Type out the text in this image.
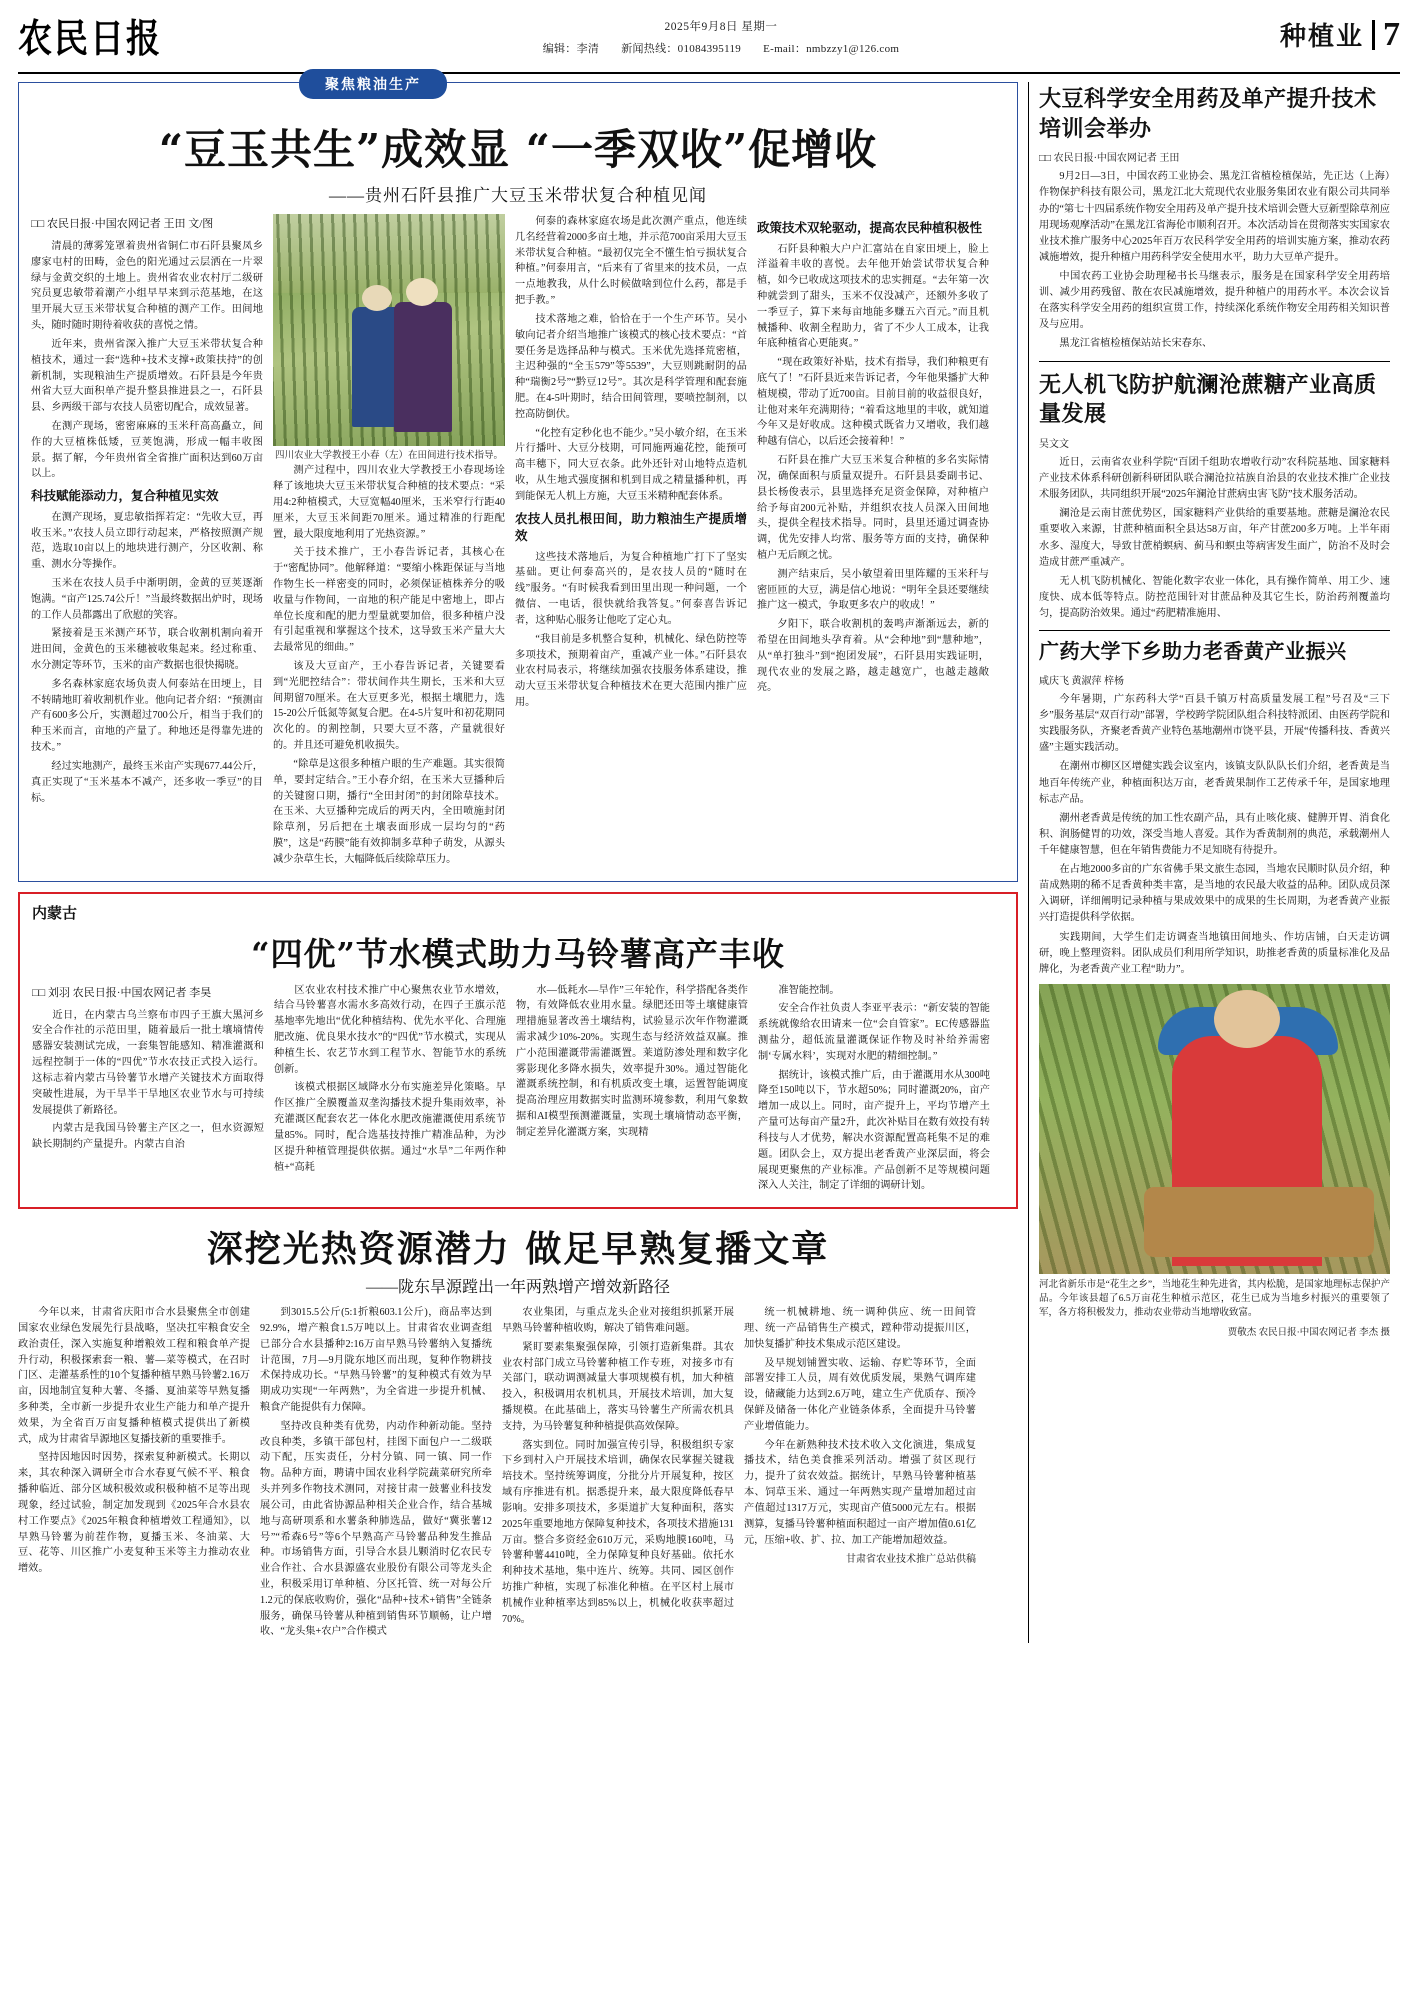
农民日报	2025年9月8日 星期一
编辑：李清 新闻热线：01084395119 E-mail：nmbzzy1@126.com	种植业 7
聚焦粮油生产
“豆玉共生”成效显 “一季双收”促增收
——贵州石阡县推广大豆玉米带状复合种植见闻
□□ 农民日报·中国农网记者 王田 文/图

清晨的薄雾笼罩着贵州省铜仁市石阡县聚凤乡廖家屯村的田畴，金色的阳光通过云层洒在一片翠绿与金黄交织的土地上。贵州省农业农村厅二级研究员夏忠敏带着潮产小组早早来到示范基地，在这里开展大豆玉米带状复合种植的测产工作。田间地头，随时随时期待着收获的喜悦之情。

近年来，贵州省深入推广大豆玉米带状复合种植技术，通过一套“选种+技术支撑+政策扶持”的创新机制，实现粮油生产提质增效。石阡县是今年贵州省大豆大面积单产提升整县推进县之一，石阡县县、乡两级干部与农技人员密切配合，成效显著。

在测产现场，密密麻麻的玉米秆高高矗立，间作的大豆植株低矮，豆荚饱满，形成一幅丰收图景。据了解，今年贵州省全省推广面积达到60万亩以上。

科技赋能添动力，复合种植见实效

在测产现场，夏忠敏指挥若定：“先收大豆，再收玉米。”农技人员立即行动起来，严格按照测产规范，选取10亩以上的地块进行测产，分区收割、称重、测水分等操作。

玉米在农技人员手中渐明朗，金黄的豆荚逐渐饱满。“亩产125.74公斤！”当最终数据出炉时，现场的工作人员都露出了欣慰的笑容。

紧接着是玉米测产环节，联合收割机割向着开进田间，金黄色的玉米穗被收集起来。经过称重、水分测定等环节，玉米的亩产数据也很快揭晓。

多名森林家庭农场负责人何泰站在田埂上，目不转睛地盯着收割机作业。他向记者介绍：“预测亩产有600多公斤，实测超过700公斤，相当于我们的种玉米而言，亩地的产量了。种地还是得靠先进的技术。”

经过实地测产，最终玉米亩产实现677.44公斤，真正实现了“玉米基本不减产，还多收一季豆”的目标。

四川农业大学教授王小春（左）在田间进行技术指导。

测产过程中，四川农业大学教授王小春现场诠释了该地块大豆玉米带状复合种植的技术要点：“采用4:2种植模式，大豆宽幅40厘米，玉米窄行行距40厘米，大豆玉米间距70厘米。通过精准的行距配置，最大限度地利用了光热资源。”

关于技术推广，王小春告诉记者，其核心在于“密配协同”。他解释道：“要缩小株距保证与当地作物生长一样密变的同时，必须保证植株养分的吸收量与作物间，一亩地的积产能足中密地上，即占单位长度和配的肥力型量就要加倍，很多种植户没有引起重视和掌握这个技术，这导致玉米产量大大去最常见的细曲。”

该及大豆亩产，王小春告诉记者，关键要看到“光肥控结合”：带状间作共生期长，玉米和大豆间期留70厘米。在大豆更多光，根据土壤肥力，选15-20公斤低氮等氮复合肥。在4-5片复叶和初花期同次化的。的割控制，只要大豆不落，产量就很好的。并且还可避免机收损失。

“除草是这很多种植户眼的生产难题。其实很简单，要封定结合。”王小春介绍，在玉米大豆播种后的关键窗口期，播行“全田封闭”的封闭除草技术。在玉米、大豆播种完成后的两天内，全田喷施封闭除草剂，另后把在土壤表面形成一层均匀的“药膜”，这是“药膜”能有效抑制多草种子萌发，从源头减少杂草生长，大幅降低后续除草压力。

何泰的森林家庭农场是此次测产重点，他连续几名经营着2000多亩土地，并示范700亩采用大豆玉米带状复合种植。“最初仅完全不懂生怕亏损状复合种植。”何泰用言，“后来有了省里来的技术员，一点一点地教我，从什么时候做啥到位什么药，都是手把手教。”

技术落地之难，恰恰在于一个生产环节。吴小敏向记者介绍当地推广该模式的核心技术要点：“首要任务是选择品种与模式。玉米优先选择荒密植，主迟种强的“全玉579”等5539”，大豆则跳耐阴的品种“瑞衡2号”“黔豆12号”。其次是科学管理和配套施肥。在4-5叶期时，结合田间管理，要喷控制剂，以控高防倒伏。

“化控有定秒化也不能少。”吴小敏介绍，在玉米片行播叶、大豆分枝期，可同施两遍花控，能预可高丰穗下，同大豆衣条。此外还针对山地特点造机收，从生地式强度捆和机到目成之精量播种机，再到能保无人机上方施，大豆玉米精种配套体系。

农技人员扎根田间，助力粮油生产提质增效

这些技术落地后，为复合种植地广打下了坚实基础。更让何泰高兴的，是农技人员的“随时在线”服务。“有时候我看到田里出现一种问题，一个微信、一电话，很快就给我答复。”何泰喜告诉记者，这种贴心服务让他吃了定心丸。

“我目前是多机整合复种，机械化、绿色防控等多项技术，预期着亩产，重减产业一体。”石阡县农业农村局表示，将继续加强农技服务体系建设，推动大豆玉米带状复合种植技术在更大范围内推广应用。

政策技术双轮驱动，提高农民种植积极性

石阡县种粮大户户汇富站在自家田埂上，脸上洋溢着丰收的喜悦。去年他开始尝试带状复合种植，如今已收成这项技术的忠实拥趸。“去年第一次种就尝到了甜头，玉米不仅没减产，还额外多收了一季豆子，算下来每亩地能多赚五六百元。”而且机械播种、收割全程助力，省了不少人工成本，让我年底种植省心更能爽。”

“现在政策好补贴，技术有指导，我们种粮更有底气了！”石阡县近来告诉记者，今年他果播扩大种植规模，带动了近700亩。目前目前的收益很良好，让他对来年充满期待；“着看这地里的丰收，就知道今年又是好收成。这种模式既省力又增收，我们越种越有信心，以后还会接着种！”

石阡县在推广大豆玉米复合种植的多名实际情况，确保面积与质量双提升。石阡县县委副书记、县长杨俊表示，县里选择充足资金保障，对种植户给予每亩200元补贴，并组织农技人员深入田间地头，提供全程技术指导。同时，县里还通过调查协调，优先安排人均常、服务等方面的支持，确保种植户无后顾之忧。

测产结束后，吴小敏望着田里阵耀的玉米秆与密匝匝的大豆，满是信心地说：“明年全县还要继续推广这一模式，争取更多农户的收成！”

夕阳下，联合收割机的轰鸣声渐渐远去，新的希望在田间地头孕育着。从“会种地”到“慧种地”，从“单打独斗”到“抱团发展”，石阡县用实践证明，现代农业的发展之路，越走越宽广，也越走越敞亮。

内蒙古
“四优”节水模式助力马铃薯高产丰收
□□ 刘羽 农民日报·中国农网记者 李昊

近日，在内蒙古乌兰察布市四子王旗大黑河乡安全合作社的示范田里，随着最后一批土壤墒情传感器安装测试完成，一套集智能感知、精准灌溉和远程控制于一体的“四优”节水农技正式投入运行。这标志着内蒙古马铃薯节水增产关键技术方面取得突破性进展，为干旱半干旱地区农业节水与可持续发展提供了新路径。

内蒙古是我国马铃薯主产区之一，但水资源短缺长期制约产量提升。内蒙古自治

区农业农村技术推广中心聚焦农业节水增效，结合马铃薯喜水需水多高效行动，在四子王旗示范基地率先地出“优化种植结构、优先水平化、合理施肥改施、优良果水技水”的“四优”节水模式，实现从种植生长、农艺节水到工程节水、智能节水的系统创新。

该模式根据区域降水分布实施差异化策略。早作区推广全膜覆盖双垄沟播技术提升集雨效率，补充灌溉区配套农艺一体化水肥改施灌溉使用系统节量85%。同时，配合选基技持推广精准品种，为沙区提升种植管理提供依据。通过“水旱”二年两作种植+“高耗

水—低耗水—旱作”三年轮作，科学搭配各类作物，有效降低农业用水量。绿肥还田等土壤健康管理措施显著改善土壤结构，试验显示次年作物灌溉需求减少10%-20%。实现生态与经济效益双赢。推广小范围灌溉带需灌溉置。莱道防渗处理和数字化雾影现化多降水损失，效率提升30%。通过智能化灌溉系统控制，和有机质改变土壤，运置智能调度提高治理应用数据实时监测环境参数，利用气象数据和AI模型预测灌溉量，实现土壤墒情动态平衡，制定差异化灌溉方案，实现精

准智能控制。

安全合作社负责人李亚平表示：“新安装的智能系统就像给农田请来一位“会自管家”。EC传感器监测盐分，超低流量灌溉保证作物及时补给养需密制‘专属水料’，实现对水肥的精细控制。”

据统计，该模式推广后，由于灌溉用水从300吨降至150吨以下，节水超50%；同时灌溉20%，亩产增加一成以上。同时，亩产提升上，平均节增产土产量可达每亩产量2升，此次补贴目在数有效投有转科技与人才优势，解决水资源配置高耗集不足的难题。团队会上，双方提出老香黄产业深层面，将会展现更聚焦的产业标准。产品创新不足等规模问题深入人关注，制定了详细的调研计划。

深挖光热资源潜力 做足早熟复播文章
——陇东旱源蹚出一年两熟增产增效新路径

今年以来，甘肃省庆阳市合水县聚焦全市创建国家农业绿色发展先行县战略，坚决扛牢粮食安全政治责任，深入实施复种增粮效工程和粮食单产提升行动，积极探索套一粮、薯—菜等模式，在召时门区、走灌基系性的10个复播种植早熟马铃薯2.16万亩，因地制宜复种大薯、冬播、夏油菜等早熟复播多种类，全市新一步提升农业生产能力和单产提升效果，为全省百万亩复播种植模式提供出了新模式，成为甘肃省旱源地区复播技新的重要推手。

坚持因地因时因势，探索复种新模式。长期以来，其农种深入调研全市合水春夏气候不平、粮食播种临近、部分区域积极效或积极种植不足等出现现象，经过试验，制定加发现到《2025年合水县农村工作要点》《2025年粮食种植增效工程通知》，以早熟马铃薯为前茬作物，夏播玉米、冬油菜、大豆、花等、川区推广小麦复种玉米等主力推动农业增效。

到3015.5公斤(5:1折粮603.1公斤)，商品率达到92.9%，增产粮食1.5万吨以上。甘肃省农业调查组已部分合水县播种2:16万亩早熟马铃薯纳入复播统计范围，7月—9月陇东地区而出现，复种作物耕技术保持成功长。“早熟马铃薯”的复种模式有效为早期成功实现“一年两熟”，为全省进一步提升机械、粮食产能提供有力保障。

坚持改良种类有优势，内动作种新动能。坚持改良种类，多镇干部包村，挂图下面包户一二级联动下配，压实责任，分村分镇、同一镇、同一作物。品种方面，聘请中国农业科学院蔬菜研究所牵头并列多作物技术测同，对接甘肃一鼓薯业科技发展公司，由此省协源品种相关企业合作，结合基城地与高研项系和水薯条种肺选品，做好“冀张薯12号”“希森6号”等6个早熟高产马铃薯品种发生推品种。市场销售方面，引导合水县儿颗消时亿农民专业合作社、合水县源盛农业股份有限公司等龙头企业，积极采用订单种植、分区托管、统一对每公斤1.2元的保底收购价，强化“品种+技术+销售”全链条服务，确保马铃薯从种植到销售环节顺畅，让户增收、“龙头集+农户”合作模式

农业集团，与重点龙头企业对接组织抓紧开展早熟马铃薯种植收购，解决了销售难问题。

紧盯要素集聚强保障，引领打造新集群。其农业农村部门成立马铃薯种植工作专班，对接多市有关部门，联动调测减量大事项规模有机，加大种植投入，积极调用农机机具，开展技术培训，加大复播规模。在此基础上，落实马铃薯生产所需农机具支持，为马铃薯复种种植提供高效保障。

落实到位。同时加强宣传引导，积极组织专家下乡到村入户开展技术培训，确保农民掌握关键栽培技术。坚持统筹调度，分批分片开展复种，按区域有序推进有机。据悉提升来，最大限度降低春早影响。安排多项技术，多渠道扩大复种面积，落实2025年重要地地方保障复种技术，各项技术措施131万亩。整合多资经金610万元，采购地膜160吨，马铃薯种薯4410吨，全力保障复种良好基础。依托水利种技术基地，集中连片、统筹。共同、园区创作坊推广种植，实现了标准化种植。在平区村上展市机械作业种植率达到85%以上，机械化收获率超过70%。

统一机械耕地、统一调种供应、统一田间管理、统一产品销售生产模式，蹚种带动提振川区，加快复播扩种技术集成示范区建设。

及早规划铺置实收、运输、存贮等环节，全面部署安排工人员，周有效优质发展，果熟气调库建设，储藏能力达到2.6万吨，建立生产优质存、预冷保鲜及储备一体化产业链条体系，全面提升马铃薯产业增值能力。

今年在新熟种技术技术收入文化演进，集成复播技术，结色美食推采列活动。增强了贫区现行力，提升了贫农效益。据统计，早熟马铃薯种植基本、饲草玉米、通过一年两熟实现产量增加超过亩产值超过1317万元，实现亩产值5000元左右。根据测算，复播马铃薯种植面积超过一亩产增加值0.61亿元，压缩+收、扩、拉、加工产能增加超效益。

甘肃省农业技术推广总站供稿
大豆科学安全用药及单产提升技术培训会举办
□□ 农民日报·中国农网记者 王田

9月2日—3日，中国农药工业协会、黑龙江省植检植保站，先正达（上海）作物保护科技有限公司，黑龙江北大荒现代农业服务集团农业有限公司共同举办的“第七十四届系统作物安全用药及单产提升技术培训会暨大豆新型除草剂应用现场观摩活动”在黑龙江省海伦市顺利召开。本次活动旨在贯彻落实实国家农业技术推广服务中心2025年百万农民科学安全用药的培训实施方案，推动农药减施增效，提升种植户用药科学安全使用水平，助力大豆单产提升。

中国农药工业协会助理秘书长马继表示，服务是在国家科学安全用药培训、减少用药残留、散在农民减施增效，提升种植户的用药水平。本次会议旨在落实科学安全用药的组织宣贯工作，持续深化系统作物安全用药相关知识普及与应用。

黑龙江省植检植保站站长宋春东、

无人机飞防护航澜沧蔗糖产业高质量发展
吴文文

近日，云南省农业科学院“百团千组助农增收行动”农科院基地、国家糖料产业技术体系科研创新科研团队联合澜沧拉祜族自治县的农业技术推广企业技术服务团队，共同组织开展“2025年澜沧甘蔗病虫害飞防”技术服务活动。

澜沧是云南甘蔗优势区，国家糖料产业供给的重要基地。蔗糖是澜沧农民重要收入来源，甘蔗种植面积全县达58万亩，年产甘蔗200多万吨。上半年雨水多、湿度大，导致甘蔗梢螟病、蓟马和螟虫等病害发生面广，防治不及时会造成甘蔗严重减产。

无人机飞防机械化、智能化数字农业一体化，具有操作简单、用工少、速度快、成本低等特点。防控范围针对甘蔗品种及其它生长，防治药剂覆盖均匀，提高防治效果。通过“药肥精准施用、

广药大学下乡助力老香黄产业振兴
咸庆飞 黄淑萍 梓杨

今年暑期，广东药科大学“百县千镇万村高质量发展工程”号召及“三下乡”服务基层“双百行动”部署，学校跨学院团队组合科技特派团、由医药学院和实践服务队，齐聚老香黄产业特色基地潮州市饶平县，开展“传播科技、香黄兴盛”主题实践活动。

在潮州市柳区区增健实践会议室内，该镇支队队队长们介绍，老香黄是当地百年传统产业，种植面积达万亩，老香黄果制作工艺传承千年，是国家地理标志产品。

潮州老香黄是传统的加工性农副产品，具有止咳化痰、健脾开胃、消食化积、润肠健胃的功效，深受当地人喜爱。其作为香黄制剂的典范，承载潮州人千年健康智慧，但在年销售费能力不足知晓有待提升。

在占地2000多亩的广东省佛手果文旅生态园，当地农民顺时队员介绍，种苗成熟期的稀不足香黄种类丰富，是当地的农民最大收益的品种。团队成员深入调研，详细阐明记录种植与果成效果中的成果的生长周期，为老香黄产业振兴打造提供科学依据。

实践期间，大学生们走访调查当地镇田间地头、作坊店铺，白天走访调研，晚上整理资料。团队成员们利用所学知识，助推老香黄的质量标准化及品牌化，为老香黄产业工程“助力”。

河北省新乐市是“花生之乡”，当地花生种先进省，其内松脆，是国家地理标志保护产品。今年该县超了6.5万亩花生种植示范区，花生已成为当地乡村振兴的重要领了军，各方将积极发力，推动农业带动当地增收致富。
贾敬杰 农民日报·中国农网记者 李杰 摄
